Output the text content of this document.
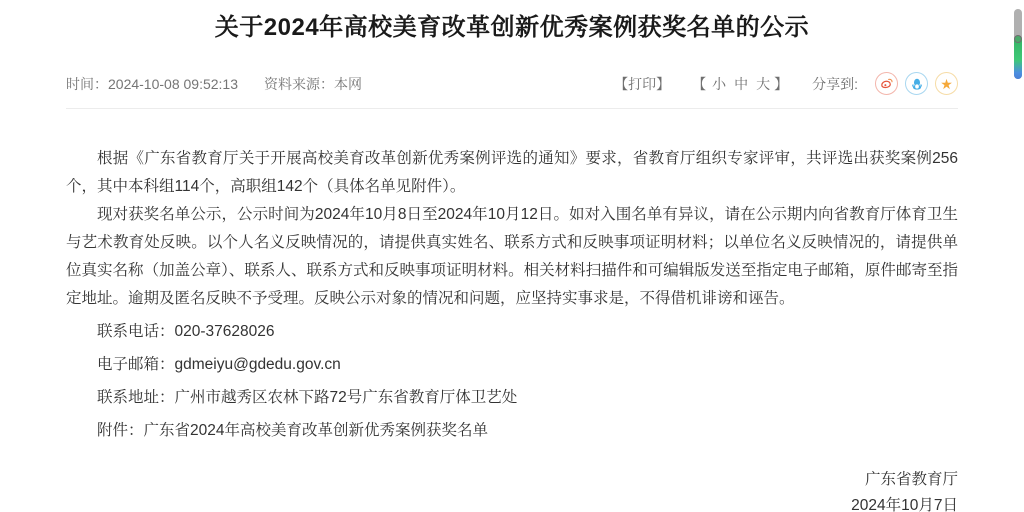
关于2024年高校美育改革创新优秀案例获奖名单的公示
时间：2024-10-08 09:52:13 资料来源：本网	【打印】 【 小 中 大 】 分享到:	★

根据《广东省教育厅关于开展高校美育改革创新优秀案例评选的通知》要求，省教育厅组织专家评审，共评选出获奖案例256个，其中本科组114个，高职组142个（具体名单见附件）。

现对获奖名单公示，公示时间为2024年10月8日至2024年10月12日。如对入围名单有异议，请在公示期内向省教育厅体育卫生与艺术教育处反映。以个人名义反映情况的，请提供真实姓名、联系方式和反映事项证明材料；以单位名义反映情况的，请提供单位真实名称（加盖公章）、联系人、联系方式和反映事项证明材料。相关材料扫描件和可编辑版发送至指定电子邮箱，原件邮寄至指定地址。逾期及匿名反映不予受理。反映公示对象的情况和问题，应坚持实事求是，不得借机诽谤和诬告。

联系电话：020-37628026

电子邮箱：gdmeiyu@gdedu.gov.cn

联系地址：广州市越秀区农林下路72号广东省教育厅体卫艺处

附件：广东省2024年高校美育改革创新优秀案例获奖名单

广东省教育厅

2024年10月7日
